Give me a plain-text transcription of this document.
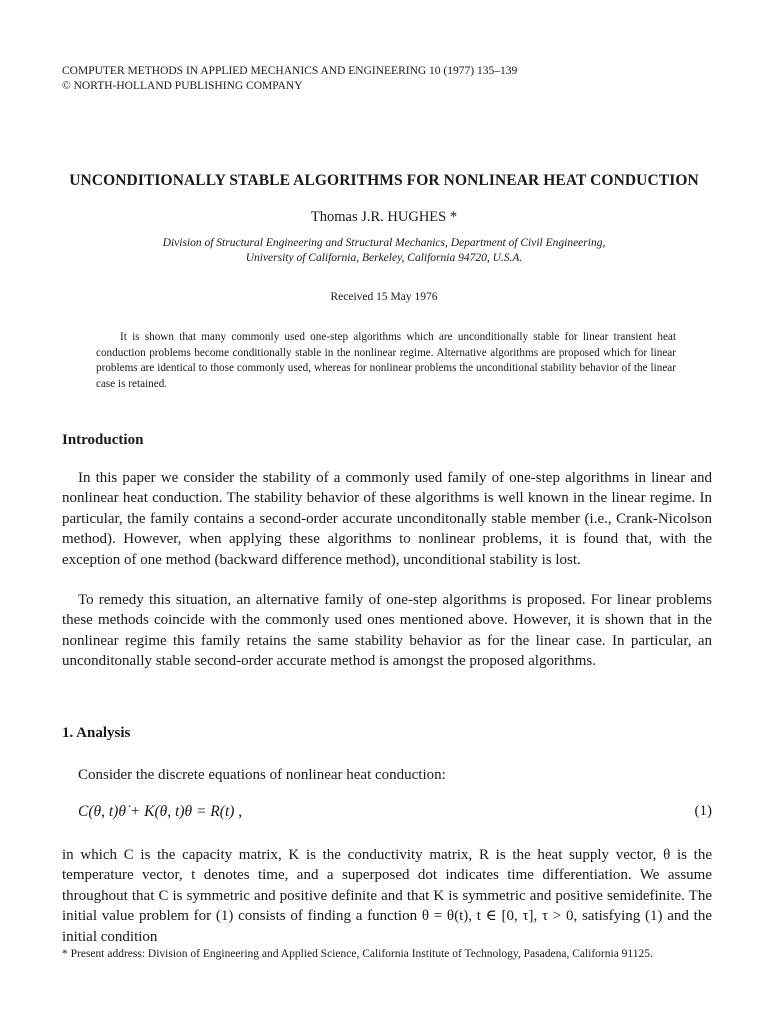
COMPUTER METHODS IN APPLIED MECHANICS AND ENGINEERING 10 (1977) 135–139
© NORTH-HOLLAND PUBLISHING COMPANY
UNCONDITIONALLY STABLE ALGORITHMS FOR NONLINEAR HEAT CONDUCTION
Thomas J.R. HUGHES *
Division of Structural Engineering and Structural Mechanics, Department of Civil Engineering,
University of California, Berkeley, California 94720, U.S.A.
Received 15 May 1976
It is shown that many commonly used one-step algorithms which are unconditionally stable for linear transient heat conduction problems become conditionally stable in the nonlinear regime. Alternative algorithms are proposed which for linear problems are identical to those commonly used, whereas for nonlinear problems the unconditional stability behavior of the linear case is retained.
Introduction
In this paper we consider the stability of a commonly used family of one-step algorithms in linear and nonlinear heat conduction. The stability behavior of these algorithms is well known in the linear regime. In particular, the family contains a second-order accurate unconditonally stable member (i.e., Crank-Nicolson method). However, when applying these algorithms to nonlinear problems, it is found that, with the exception of one method (backward difference method), unconditional stability is lost.
To remedy this situation, an alternative family of one-step algorithms is proposed. For linear problems these methods coincide with the commonly used ones mentioned above. However, it is shown that in the nonlinear regime this family retains the same stability behavior as for the linear case. In particular, an unconditonally stable second-order accurate method is amongst the proposed algorithms.
1. Analysis
Consider the discrete equations of nonlinear heat conduction:
C(θ, t)θ̇ + K(θ, t)θ = R(t) ,	(1)
in which C is the capacity matrix, K is the conductivity matrix, R is the heat supply vector, θ is the temperature vector, t denotes time, and a superposed dot indicates time differentiation. We assume throughout that C is symmetric and positive definite and that K is symmetric and positive semidefinite. The initial value problem for (1) consists of finding a function θ = θ(t), t ∈ [0, τ], τ > 0, satisfying (1) and the initial condition
* Present address: Division of Engineering and Applied Science, California Institute of Technology, Pasadena, California 91125.
